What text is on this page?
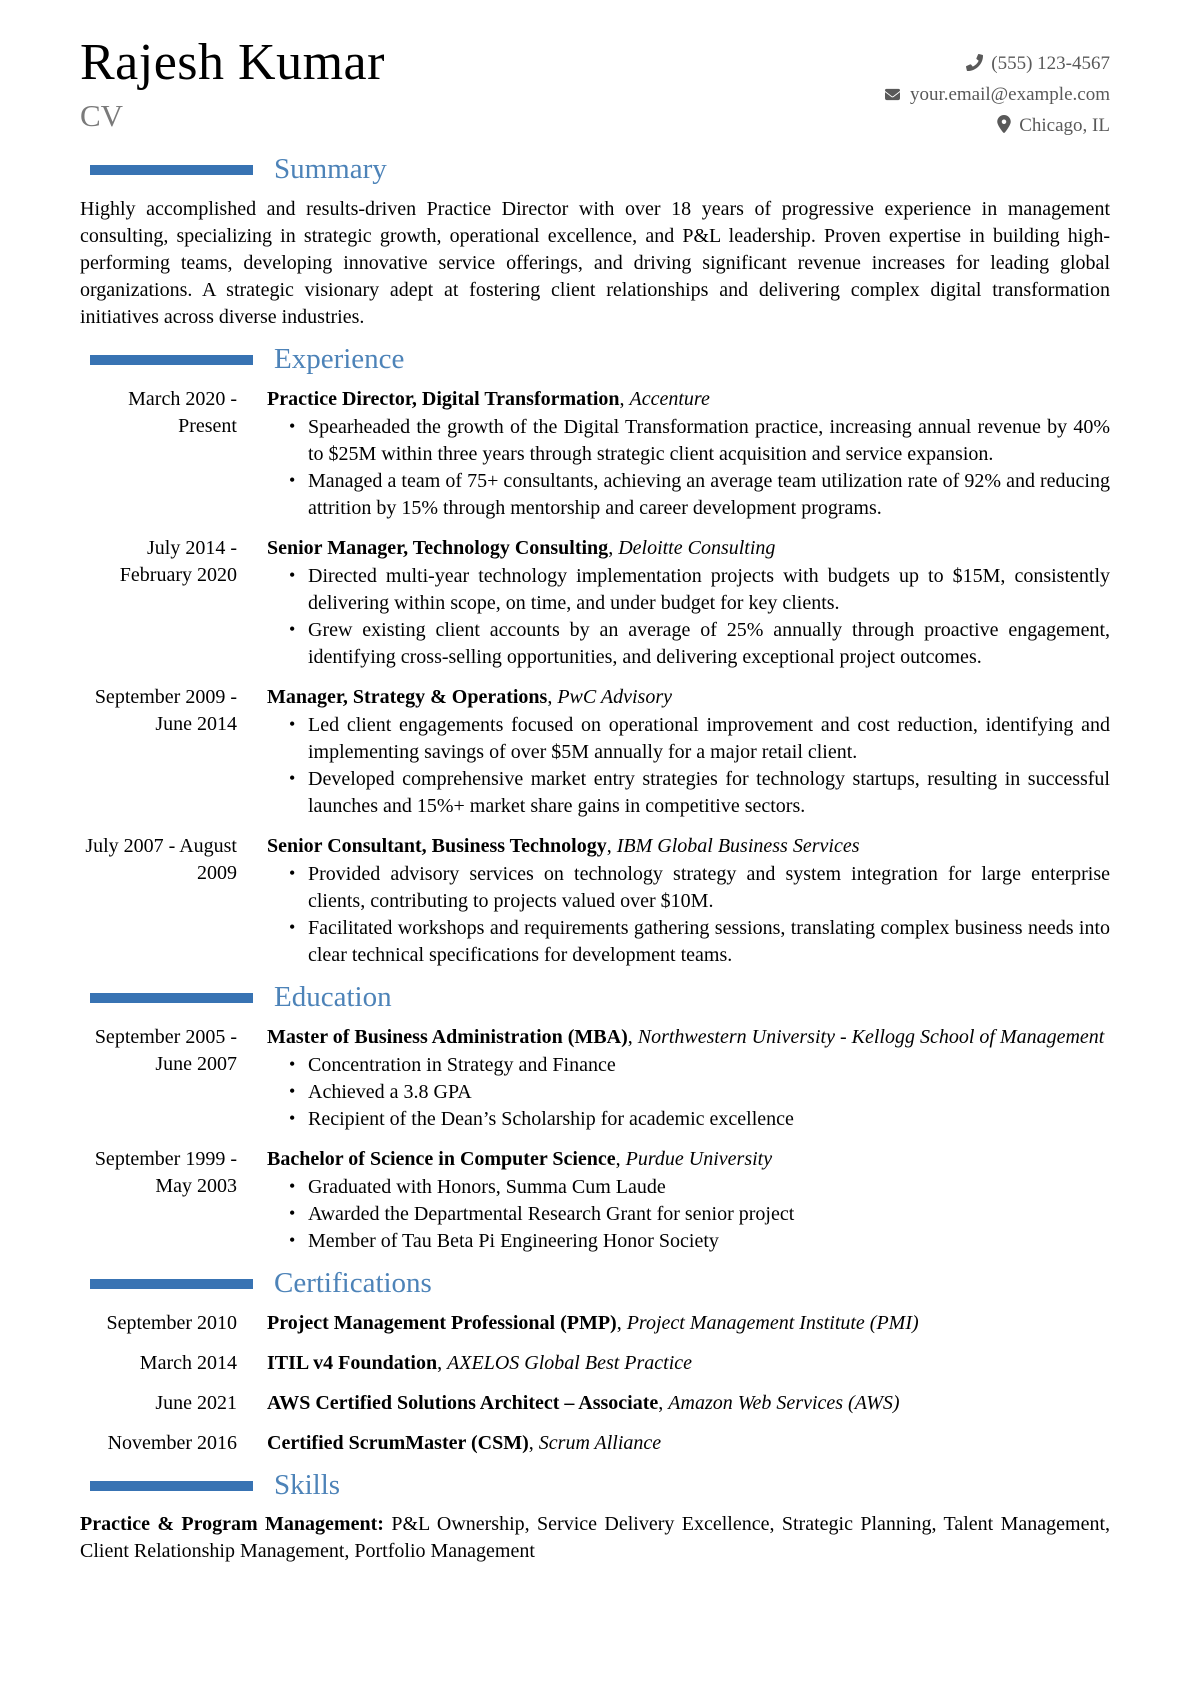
Rajesh Kumar
CV
(555) 123-4567
your.email@example.com
Chicago, IL
Summary

Highly accomplished and results-driven Practice Director with over 18 years of progressive experience in management consulting, specializing in strategic growth, operational excellence, and P&L leadership. Proven expertise in building high-performing teams, developing innovative service offerings, and driving significant revenue increases for leading global organizations. A strategic visionary adept at fostering client relationships and delivering complex digital transformation initiatives across diverse industries.

Experience
March 2020 - Present
Practice Director, Digital Transformation, Accenture
• Spearheaded the growth of the Digital Transformation practice, increasing annual revenue by 40% to $25M within three years through strategic client acquisition and service expansion.
• Managed a team of 75+ consultants, achieving an average team utilization rate of 92% and reducing attrition by 15% through mentorship and career development programs.
July 2014 - February 2020
Senior Manager, Technology Consulting, Deloitte Consulting
• Directed multi-year technology implementation projects with budgets up to $15M, consistently delivering within scope, on time, and under budget for key clients.
• Grew existing client accounts by an average of 25% annually through proactive engagement, identifying cross-selling opportunities, and delivering exceptional project outcomes.
September 2009 - June 2014
Manager, Strategy & Operations, PwC Advisory
• Led client engagements focused on operational improvement and cost reduction, identifying and implementing savings of over $5M annually for a major retail client.
• Developed comprehensive market entry strategies for technology startups, resulting in successful launches and 15%+ market share gains in competitive sectors.
July 2007 - August 2009
Senior Consultant, Business Technology, IBM Global Business Services
• Provided advisory services on technology strategy and system integration for large enterprise clients, contributing to projects valued over $10M.
• Facilitated workshops and requirements gathering sessions, translating complex business needs into clear technical specifications for development teams.
Education
September 2005 - June 2007
Master of Business Administration (MBA), Northwestern University - Kellogg School of Management
• Concentration in Strategy and Finance
• Achieved a 3.8 GPA
• Recipient of the Dean’s Scholarship for academic excellence
September 1999 - May 2003
Bachelor of Science in Computer Science, Purdue University
• Graduated with Honors, Summa Cum Laude
• Awarded the Departmental Research Grant for senior project
• Member of Tau Beta Pi Engineering Honor Society
Certifications
September 2010 Project Management Professional (PMP), Project Management Institute (PMI)
March 2014 ITIL v4 Foundation, AXELOS Global Best Practice
June 2021 AWS Certified Solutions Architect – Associate, Amazon Web Services (AWS)
November 2016 Certified ScrumMaster (CSM), Scrum Alliance
Skills

Practice & Program Management: P&L Ownership, Service Delivery Excellence, Strategic Planning, Talent Management, Client Relationship Management, Portfolio Management
